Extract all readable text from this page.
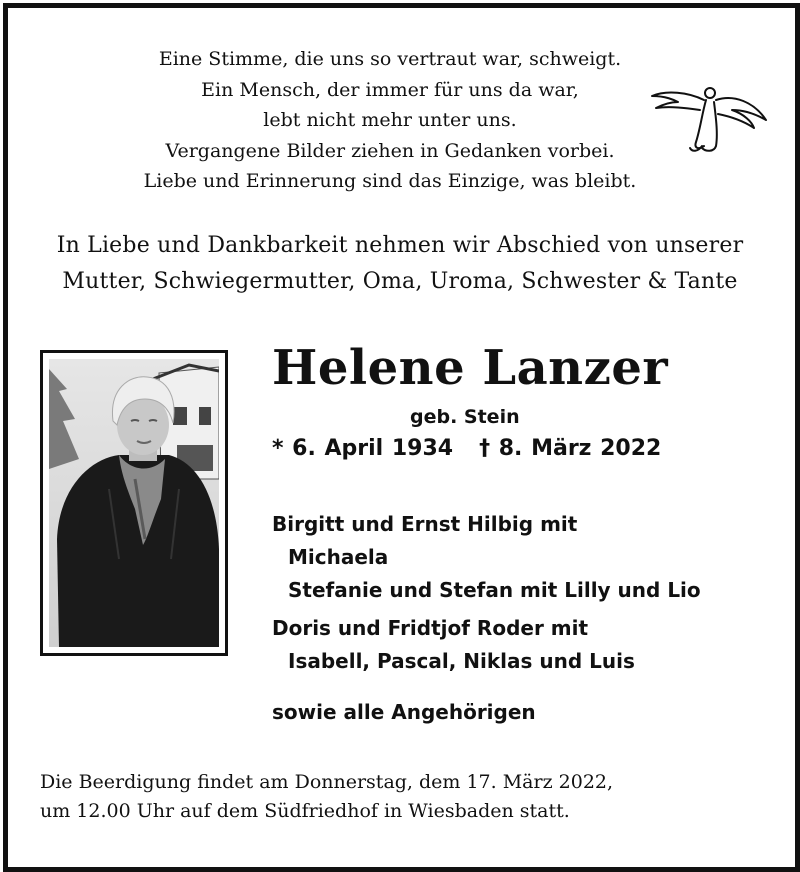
Eine Stimme, die uns so vertraut war, schweigt.
Ein Mensch, der immer für uns da war,
lebt nicht mehr unter uns.
Vergangene Bilder ziehen in Gedanken vorbei.
Liebe und Erinnerung sind das Einzige, was bleibt.
In Liebe und Dankbarkeit nehmen wir Abschied von unserer
Mutter, Schwiegermutter, Oma, Uroma, Schwester & Tante
Helene Lanzer
geb. Stein
* 6. April 1934 † 8. März 2022
Birgitt und Ernst Hilbig mit
Michaela
Stefanie und Stefan mit Lilly und Lio
Doris und Fridtjof Roder mit
Isabell, Pascal, Niklas und Luis
sowie alle Angehörigen
Die Beerdigung findet am Donnerstag, dem 17. März 2022,
um 12.00 Uhr auf dem Südfriedhof in Wiesbaden statt.
